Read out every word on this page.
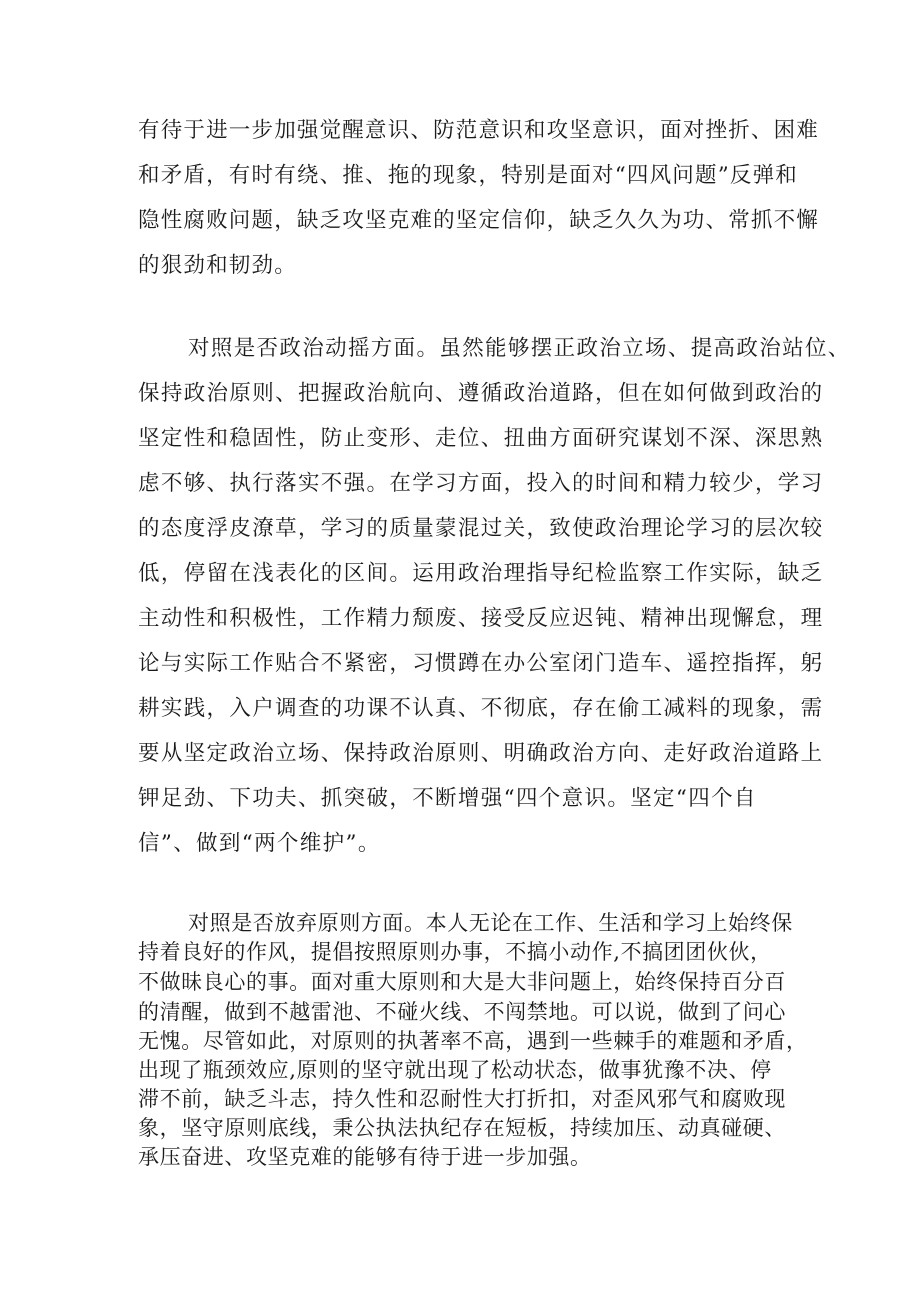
有待于进一步加强觉醒意识、防范意识和攻坚意识，面对挫折、困难
和矛盾，有时有绕、推、拖的现象，特别是面对“四风问题”反弹和
隐性腐败问题，缺乏攻坚克难的坚定信仰，缺乏久久为功、常抓不懈
的狠劲和韧劲。
对照是否政治动摇方面。虽然能够摆正政治立场、提高政治站位、
保持政治原则、把握政治航向、遵循政治道路，但在如何做到政治的
坚定性和稳固性，防止变形、走位、扭曲方面研究谋划不深、深思熟
虑不够、执行落实不强。在学习方面，投入的时间和精力较少，学习
的态度浮皮潦草，学习的质量蒙混过关，致使政治理论学习的层次较
低，停留在浅表化的区间。运用政治理指导纪检监察工作实际，缺乏
主动性和积极性，工作精力颓废、接受反应迟钝、精神出现懈怠，理
论与实际工作贴合不紧密，习惯蹲在办公室闭门造车、遥控指挥，躬
耕实践，入户调查的功课不认真、不彻底，存在偷工减料的现象，需
要从坚定政治立场、保持政治原则、明确政治方向、走好政治道路上
钾足劲、下功夫、抓突破，不断增强“四个意识。坚定“四个自
信”、做到“两个维护”。
对照是否放弃原则方面。本人无论在工作、生活和学习上始终保
持着良好的作风，提倡按照原则办事，不搞小动作,不搞团团伙伙，
不做昧良心的事。面对重大原则和大是大非问题上，始终保持百分百
的清醒，做到不越雷池、不碰火线、不闯禁地。可以说，做到了问心
无愧。尽管如此，对原则的执著率不高，遇到一些棘手的难题和矛盾，
出现了瓶颈效应,原则的坚守就出现了松动状态，做事犹豫不决、停
滞不前，缺乏斗志，持久性和忍耐性大打折扣，对歪风邪气和腐败现
象，坚守原则底线，秉公执法执纪存在短板，持续加压、动真碰硬、
承压奋进、攻坚克难的能够有待于进一步加强。
